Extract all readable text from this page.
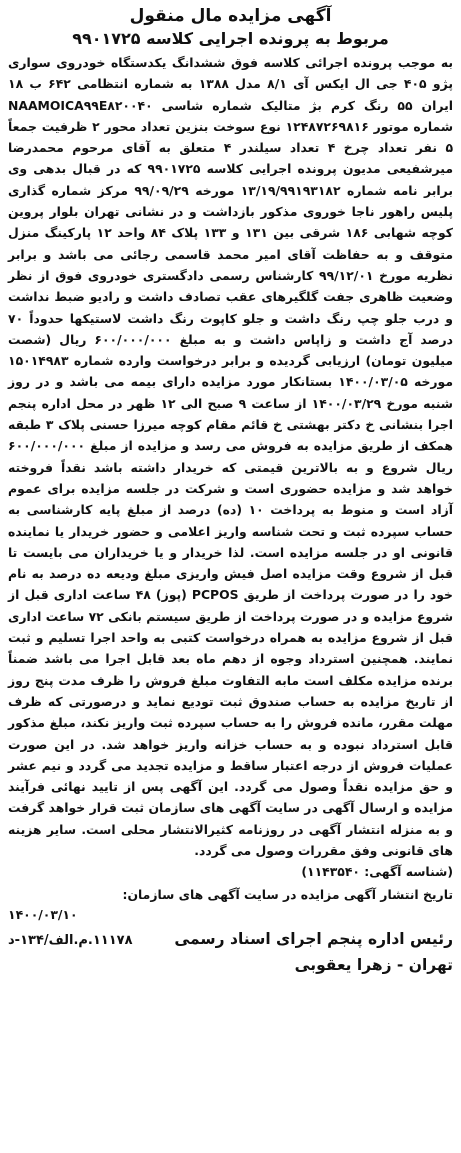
آگهی مزایده مال منقول
مربوط به پرونده اجرایی کلاسه ۹۹۰۱۷۲۵

به موجب پرونده اجرائی کلاسه فوق ششدانگ یکدستگاه خودروی سواری پژو ۴۰۵ جی ال ایکس آی ۸/۱ مدل ۱۳۸۸ به شماره انتظامی ۶۴۲ ب ۱۸ ایران ۵۵ رنگ کرم بژ متالیک شماره شاسی NAAMOICA۹۹E۸۲۰۰۴۰ شماره موتور ۱۲۴۸۷۲۶۹۸۱۶ نوع سوخت بنزین تعداد محور ۲ ظرفیت جمعاً ۵ نفر تعداد چرخ ۴ تعداد سیلندر ۴ متعلق به آقای مرحوم محمدرضا میرشفیعی مدیون پرونده اجرایی کلاسه ۹۹۰۱۷۲۵ که در قبال بدهی وی برابر نامه شماره ۱۳/۱۹/۹۹۱۹۳۱۸۲ مورخه ۹۹/۰۹/۲۹ مرکز شماره گذاری پلیس راهور ناجا خوروی مذکور بازداشت و در نشانی تهران بلوار پروین کوچه شهابی ۱۸۶ شرقی بین ۱۳۱ و ۱۳۳ پلاک ۸۴ واحد ۱۲ پارکینگ منزل متوقف و به حفاظت آقای امیر محمد قاسمی رجائی می باشد و برابر نظریه مورخ ۹۹/۱۲/۰۱ کارشناس رسمی دادگستری خودروی فوق از نظر وضعیت ظاهری جفت گلگیرهای عقب تصادف داشت و رادیو ضبط نداشت و درب جلو چپ رنگ داشت و جلو کاپوت رنگ داشت لاستیکها حدوداً ۷۰ درصد آج داشت و زاپاس داشت و به مبلغ ۶۰۰/۰۰۰/۰۰۰ ریال (شصت میلیون تومان) ارزیابی گردیده و برابر درخواست وارده شماره ۱۵۰۱۴۹۸۳ مورخه ۱۴۰۰/۰۳/۰۵ بستانکار مورد مزایده دارای بیمه می باشد و در روز شنبه مورخ ۱۴۰۰/۰۳/۲۹ از ساعت ۹ صبح الی ۱۲ ظهر در محل اداره پنجم اجرا بنشانی خ دکتر بهشتی خ قائم مقام کوچه میرزا حسنی پلاک ۳ طبقه همکف از طریق مزایده به فروش می رسد و مزایده از مبلغ ۶۰۰/۰۰۰/۰۰۰ ریال شروع و به بالاترین قیمتی که خریدار داشته باشد نقداً فروخته خواهد شد و مزایده حضوری است و شرکت در جلسه مزایده برای عموم آزاد است و منوط به پرداخت ۱۰ (ده) درصد از مبلغ پایه کارشناسی به حساب سپرده ثبت و تحت شناسه واریز اعلامی و حضور خریدار یا نماینده قانونی او در جلسه مزایده است. لذا خریدار و یا خریداران می بایست تا قبل از شروع وقت مزایده اصل فیش واریزی مبلغ ودیعه ده درصد به نام خود را در صورت پرداخت از طریق PCPOS (پوز) ۴۸ ساعت اداری قبل از شروع مزایده و در صورت پرداخت از طریق سیستم بانکی ۷۲ ساعت اداری قبل از شروع مزایده به همراه درخواست کتبی به واحد اجرا تسلیم و ثبت نمایند. همچنین استرداد وجوه از دهم ماه بعد قابل اجرا می باشد ضمناً برنده مزایده مکلف است مابه التفاوت مبلغ فروش را ظرف مدت پنج روز از تاریخ مزایده به حساب صندوق ثبت تودیع نماید و درصورتی که ظرف مهلت مقرر، مانده فروش را به حساب سپرده ثبت واریز نکند، مبلغ مذکور قابل استرداد نبوده و به حساب خزانه واریز خواهد شد. در این صورت عملیات فروش از درجه اعتبار ساقط و مزایده تجدید می گردد و نیم عشر و حق مزایده نقداً وصول می گردد. این آگهی پس از تایید نهائی فرآیند مزایده و ارسال آگهی در سایت آگهی های سازمان ثبت قرار خواهد گرفت و به منزله انتشار آگهی در روزنامه کثیرالانتشار محلی است. سایر هزینه های قانونی وفق مقررات وصول می گردد.

(شناسه آگهی: ۱۱۴۳۵۴۰)

تاریخ انتشار آگهی مزایده در سایت آگهی های سازمان:

۱۴۰۰/۰۳/۱۰

رئیس اداره پنجم اجرای اسناد رسمی
۱۱۱۷۸.م.الف/۱۳۴-د
تهران - زهرا یعقوبی
